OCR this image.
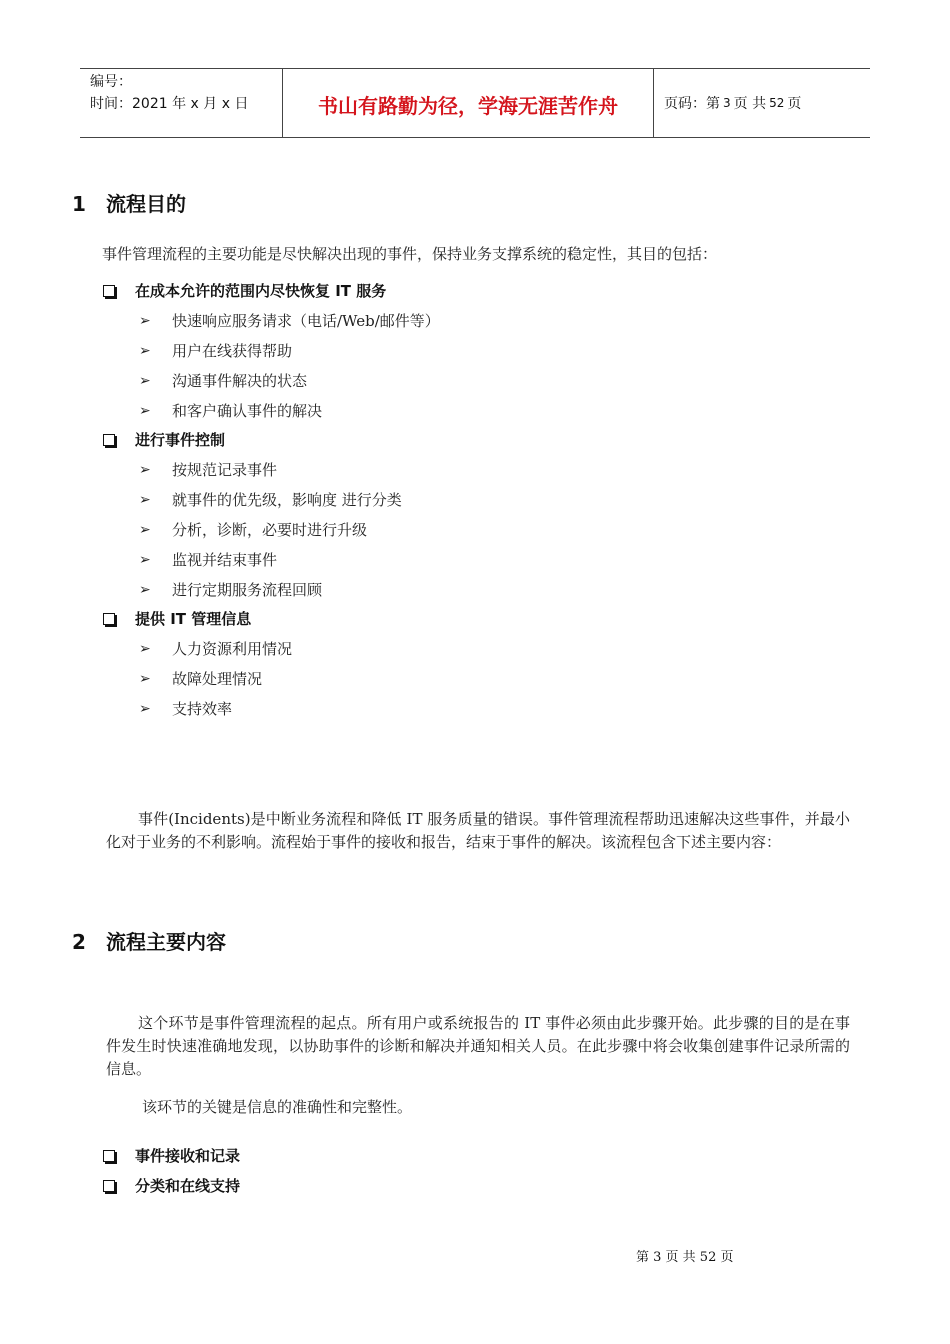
编号：
时间：2021 年 x 月 x 日	书山有路勤为径，学海无涯苦作舟	页码：第 3 页 共 52 页
1 流程目的
事件管理流程的主要功能是尽快解决出现的事件，保持业务支撑系统的稳定性，其目的包括：
在成本允许的范围内尽快恢复 IT 服务
➢	快速响应服务请求（电话/Web/邮件等）
➢	用户在线获得帮助
➢	沟通事件解决的状态
➢	和客户确认事件的解决
进行事件控制
➢	按规范记录事件
➢	就事件的优先级，影响度 进行分类
➢	分析，诊断，必要时进行升级
➢	监视并结束事件
➢	进行定期服务流程回顾
提供 IT 管理信息
➢	人力资源利用情况
➢	故障处理情况
➢	支持效率
事件(Incidents)是中断业务流程和降低 IT 服务质量的错误。事件管理流程帮助迅速解决这些事件，并最小化对于业务的不利影响。流程始于事件的接收和报告，结束于事件的解决。该流程包含下述主要内容：
2 流程主要内容
这个环节是事件管理流程的起点。所有用户或系统报告的 IT 事件必须由此步骤开始。此步骤的目的是在事件发生时快速准确地发现，以协助事件的诊断和解决并通知相关人员。在此步骤中将会收集创建事件记录所需的信息。
该环节的关键是信息的准确性和完整性。
事件接收和记录
分类和在线支持
第 3 页 共 52 页
